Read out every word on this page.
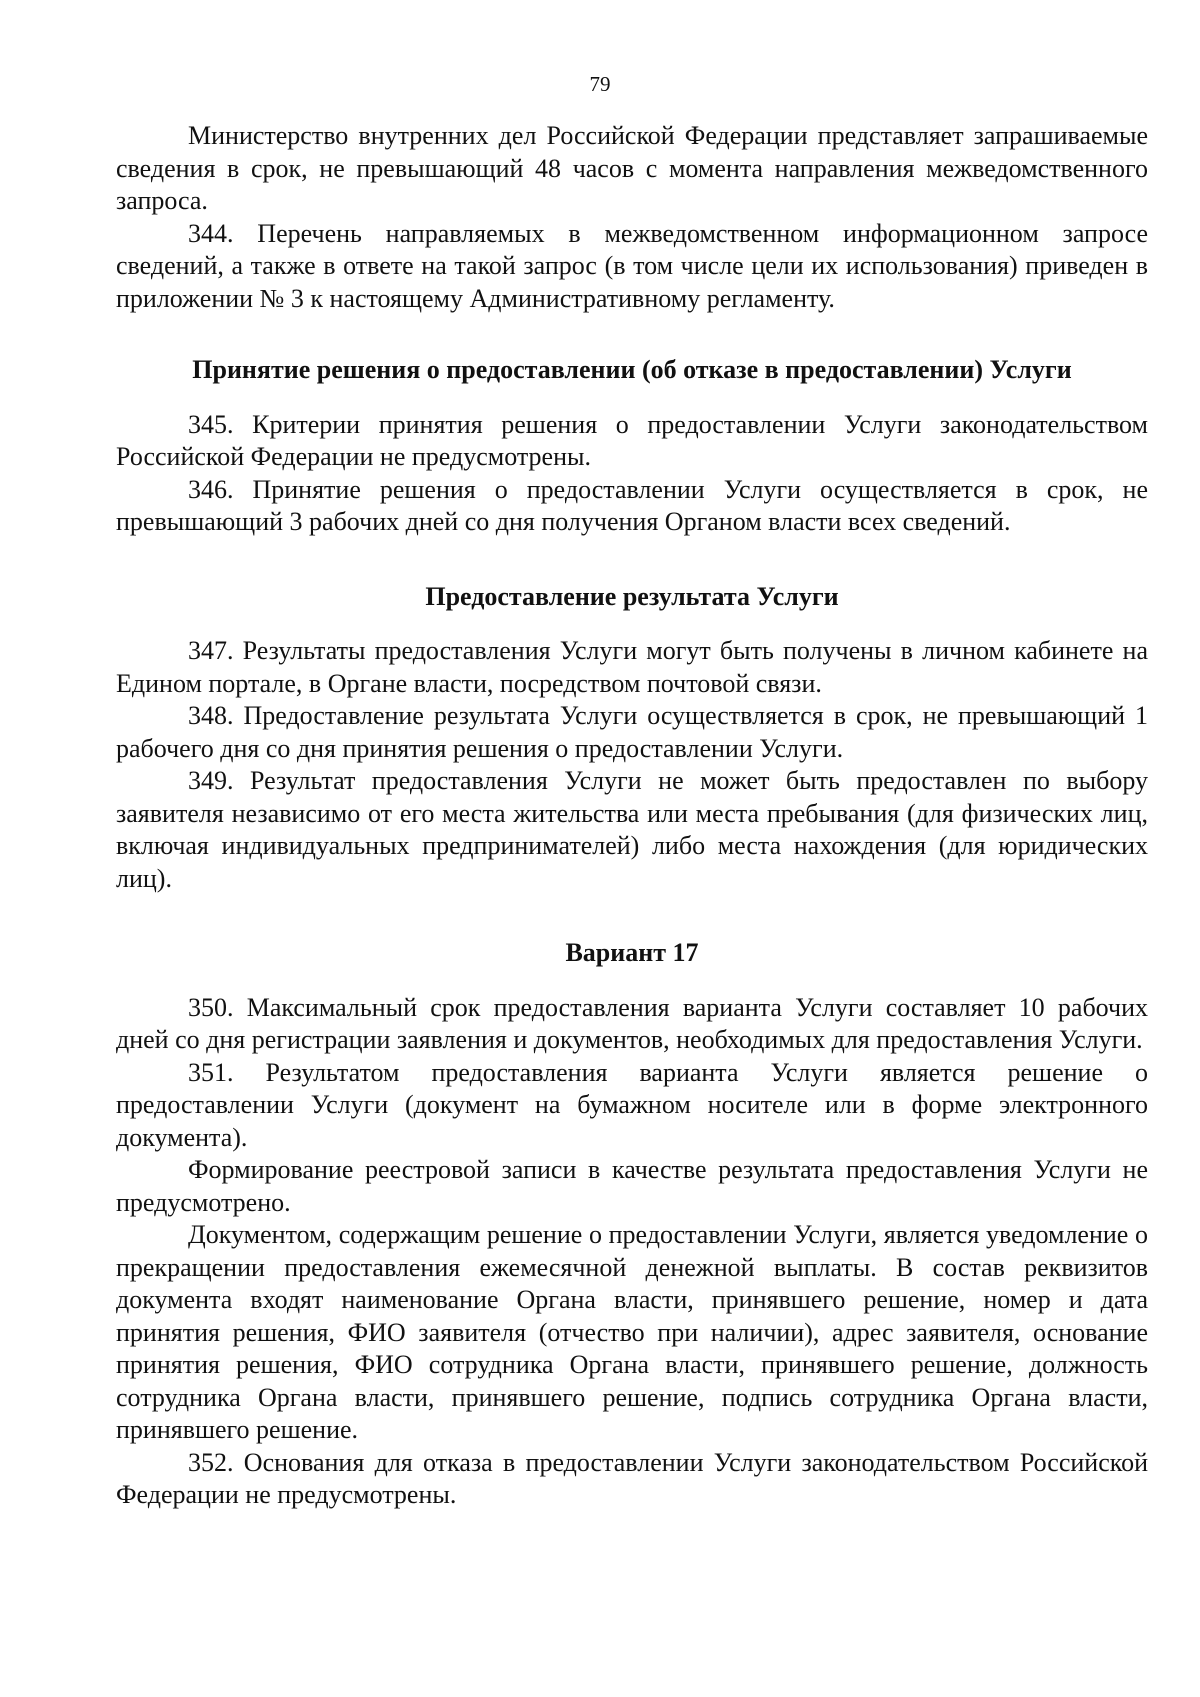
79

Министерство внутренних дел Российской Федерации представляет запрашиваемые сведения в срок, не превышающий 48 часов с момента направления межведомственного запроса.

344. Перечень направляемых в межведомственном информационном запросе сведений, а также в ответе на такой запрос (в том числе цели их использования) приведен в приложении № 3 к настоящему Административному регламенту.

Принятие решения о предоставлении (об отказе в предоставлении) Услуги

345. Критерии принятия решения о предоставлении Услуги законодательством Российской Федерации не предусмотрены.

346. Принятие решения о предоставлении Услуги осуществляется в срок, не превышающий 3 рабочих дней со дня получения Органом власти всех сведений.

Предоставление результата Услуги

347. Результаты предоставления Услуги могут быть получены в личном кабинете на Едином портале, в Органе власти, посредством почтовой связи.

348. Предоставление результата Услуги осуществляется в срок, не превышающий 1 рабочего дня со дня принятия решения о предоставлении Услуги.

349. Результат предоставления Услуги не может быть предоставлен по выбору заявителя независимо от его места жительства или места пребывания (для физических лиц, включая индивидуальных предпринимателей) либо места нахождения (для юридических лиц).

Вариант 17

350. Максимальный срок предоставления варианта Услуги составляет 10 рабочих дней со дня регистрации заявления и документов, необходимых для предоставления Услуги.

351. Результатом предоставления варианта Услуги является решение о предоставлении Услуги (документ на бумажном носителе или в форме электронного документа).

Формирование реестровой записи в качестве результата предоставления Услуги не предусмотрено.

Документом, содержащим решение о предоставлении Услуги, является уведомление о прекращении предоставления ежемесячной денежной выплаты. В состав реквизитов документа входят наименование Органа власти, принявшего решение, номер и дата принятия решения, ФИО заявителя (отчество при наличии), адрес заявителя, основание принятия решения, ФИО сотрудника Органа власти, принявшего решение, должность сотрудника Органа власти, принявшего решение, подпись сотрудника Органа власти, принявшего решение.

352. Основания для отказа в предоставлении Услуги законодательством Российской Федерации не предусмотрены.
